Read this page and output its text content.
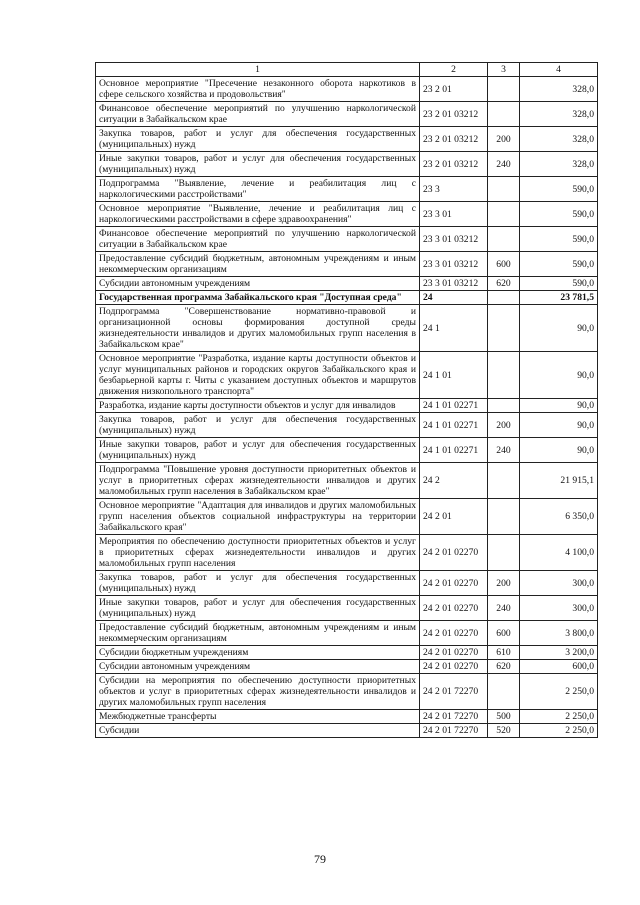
1	2	3	4
Основное мероприятие "Пресечение незаконного оборота наркотиков в сфере сельского хозяйства и продовольствия"	23 2 01		328,0
Финансовое обеспечение мероприятий по улучшению наркологической ситуации в Забайкальском крае	23 2 01 03212		328,0
Закупка товаров, работ и услуг для обеспечения государственных (муниципальных) нужд	23 2 01 03212	200	328,0
Иные закупки товаров, работ и услуг для обеспечения государственных (муниципальных) нужд	23 2 01 03212	240	328,0
Подпрограмма "Выявление, лечение и реабилитация лиц с наркологическими расстройствами"	23 3		590,0
Основное мероприятие "Выявление, лечение и реабилитация лиц с наркологическими расстройствами в сфере здравоохранения"	23 3 01		590,0
Финансовое обеспечение мероприятий по улучшению наркологической ситуации в Забайкальском крае	23 3 01 03212		590,0
Предоставление субсидий бюджетным, автономным учреждениям и иным некоммерческим организациям	23 3 01 03212	600	590,0
Субсидии автономным учреждениям	23 3 01 03212	620	590,0
Государственная программа Забайкальского края "Доступная среда"	24		23 781,5
Подпрограмма "Совершенствование нормативно-правовой и организационной основы формирования доступной среды жизнедеятельности инвалидов и других маломобильных групп населения в Забайкальском крае"	24 1		90,0
Основное мероприятие "Разработка, издание карты доступности объектов и услуг муниципальных районов и городских округов Забайкальского края и безбарьерной карты г. Читы с указанием доступных объектов и маршрутов движения низкопольного транспорта"	24 1 01		90,0
Разработка, издание карты доступности объектов и услуг для инвалидов	24 1 01 02271		90,0
Закупка товаров, работ и услуг для обеспечения государственных (муниципальных) нужд	24 1 01 02271	200	90,0
Иные закупки товаров, работ и услуг для обеспечения государственных (муниципальных) нужд	24 1 01 02271	240	90,0
Подпрограмма "Повышение уровня доступности приоритетных объектов и услуг в приоритетных сферах жизнедеятельности инвалидов и других маломобильных групп населения в Забайкальском крае"	24 2		21 915,1
Основное мероприятие "Адаптация для инвалидов и других маломобильных групп населения объектов социальной инфраструктуры на территории Забайкальского края"	24 2 01		6 350,0
Мероприятия по обеспечению доступности приоритетных объектов и услуг в приоритетных сферах жизнедеятельности инвалидов и других маломобильных групп населения	24 2 01 02270		4 100,0
Закупка товаров, работ и услуг для обеспечения государственных (муниципальных) нужд	24 2 01 02270	200	300,0
Иные закупки товаров, работ и услуг для обеспечения государственных (муниципальных) нужд	24 2 01 02270	240	300,0
Предоставление субсидий бюджетным, автономным учреждениям и иным некоммерческим организациям	24 2 01 02270	600	3 800,0
Субсидии бюджетным учреждениям	24 2 01 02270	610	3 200,0
Субсидии автономным учреждениям	24 2 01 02270	620	600,0
Субсидии на мероприятия по обеспечению доступности приоритетных объектов и услуг в приоритетных сферах жизнедеятельности инвалидов и других маломобильных групп населения	24 2 01 72270		2 250,0
Межбюджетные трансферты	24 2 01 72270	500	2 250,0
Субсидии	24 2 01 72270	520	2 250,0
79
